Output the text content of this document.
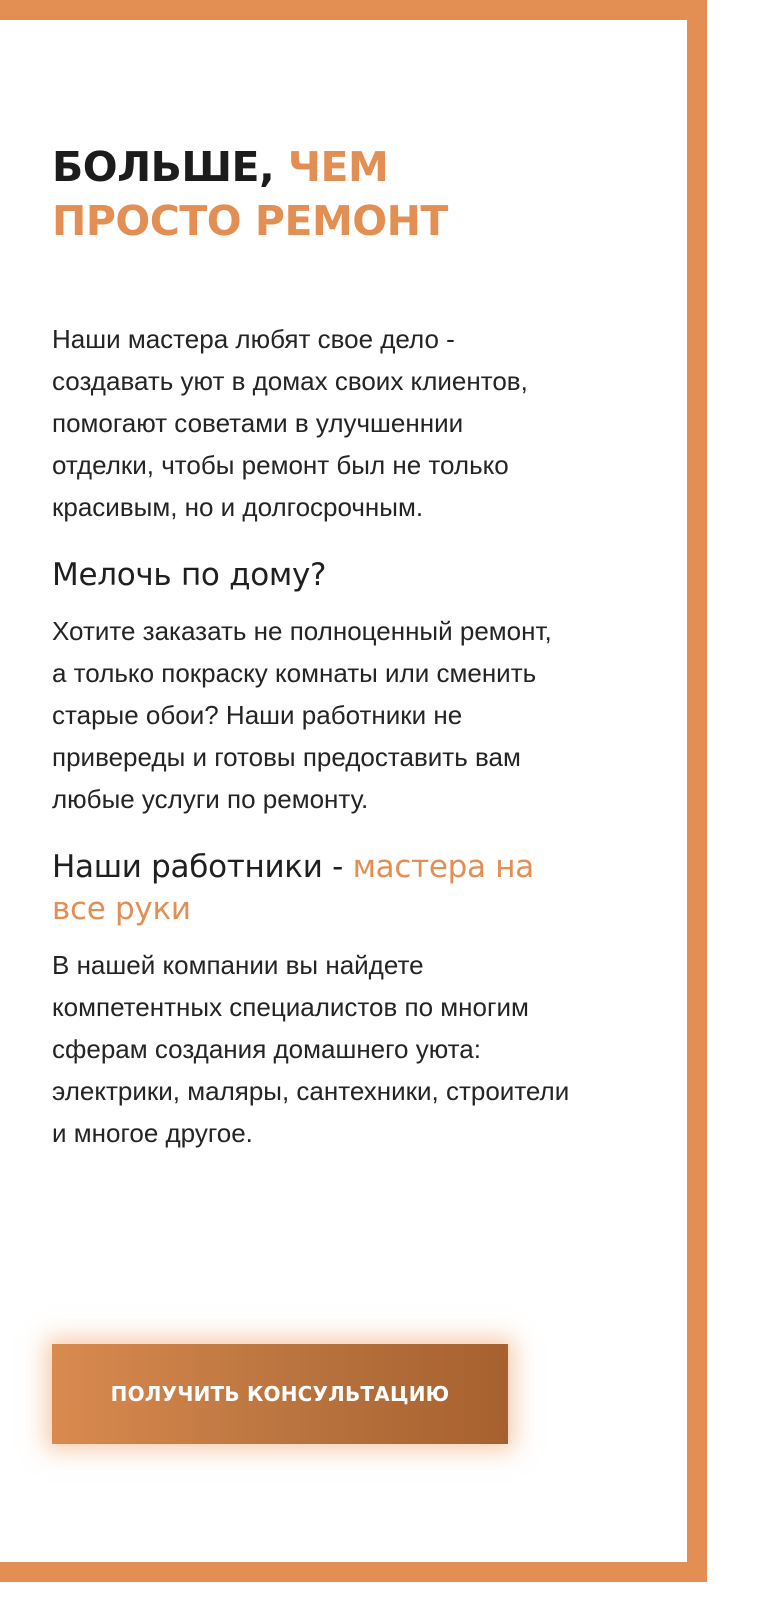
БОЛЬШЕ, ЧЕМ ПРОСТО РЕМОНТ

Наши мастера любят свое дело - создавать уют в домах своих клиентов, помогают советами в улучшеннии отделки, чтобы ремонт был не только красивым, но и долгосрочным.

Мелочь по дому?

Хотите заказать не полноценный ремонт, а только покраску комнаты или сменить старые обои? Наши работники не привереды и готовы предоставить вам любые услуги по ремонту.

Наши работники - мастера на все руки

В нашей компании вы найдете компетентных специалистов по многим сферам создания домашнего уюта: электрики, маляры, сантехники, строители и многое другое.

ПОЛУЧИТЬ КОНСУЛЬТАЦИЮ
